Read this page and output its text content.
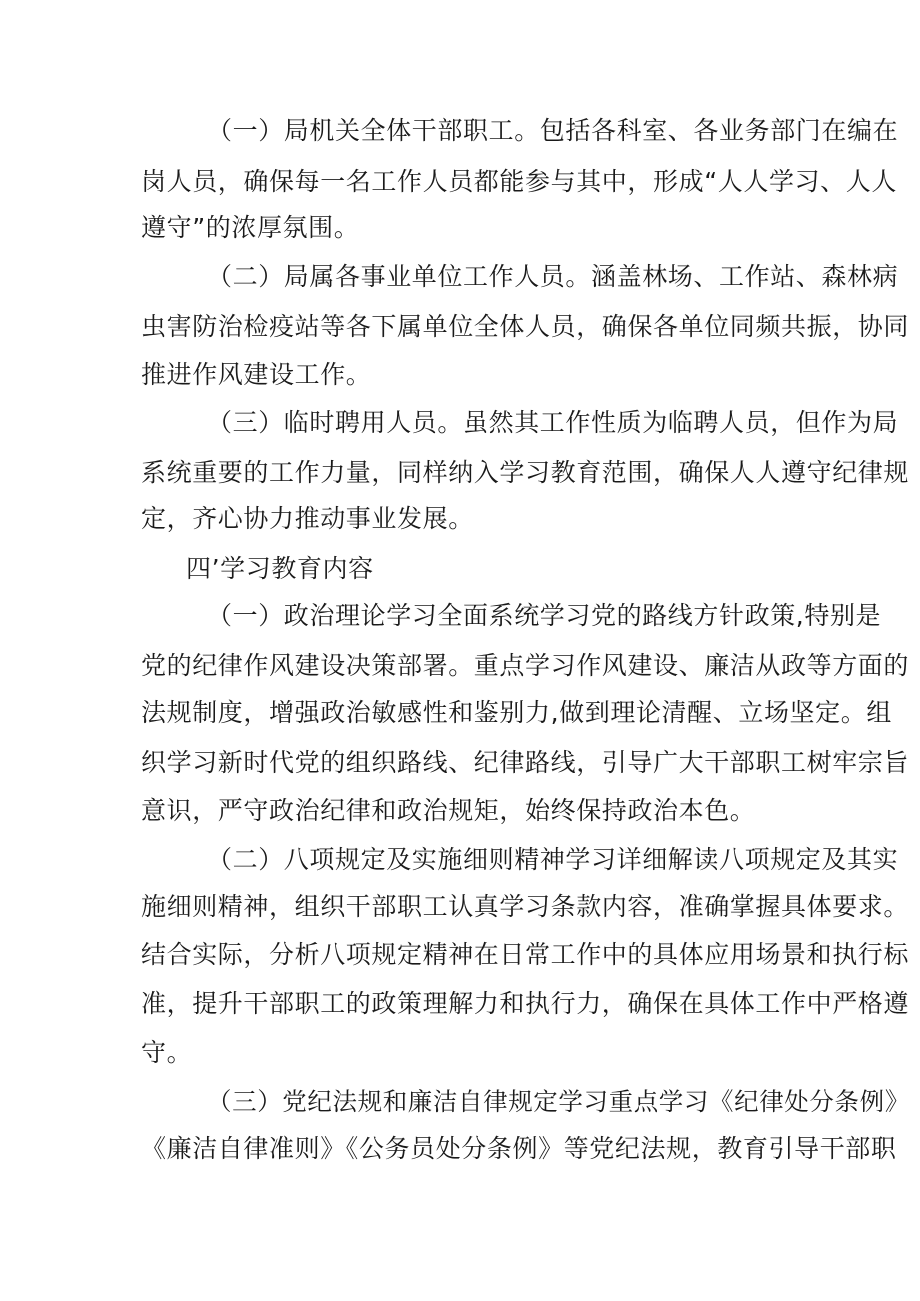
（一）局机关全体干部职工。包括各科室、各业务部门在编在

岗人员，确保每一名工作人员都能参与其中，形成“人人学习、人人

遵守”的浓厚氛围。

（二）局属各事业单位工作人员。涵盖林场、工作站、森林病

虫害防治检疫站等各下属单位全体人员，确保各单位同频共振，协同

推进作风建设工作。

（三）临时聘用人员。虽然其工作性质为临聘人员，但作为局

系统重要的工作力量，同样纳入学习教育范围，确保人人遵守纪律规

定，齐心协力推动事业发展。

四’学习教育内容

（一）政治理论学习全面系统学习党的路线方针政策,特别是

党的纪律作风建设决策部署。重点学习作风建设、廉洁从政等方面的

法规制度，增强政治敏感性和鉴别力,做到理论清醒、立场坚定。组

织学习新时代党的组织路线、纪律路线，引导广大干部职工树牢宗旨

意识，严守政治纪律和政治规矩，始终保持政治本色。

（二）八项规定及实施细则精神学习详细解读八项规定及其实

施细则精神，组织干部职工认真学习条款内容，准确掌握具体要求。

结合实际，分析八项规定精神在日常工作中的具体应用场景和执行标

准，提升干部职工的政策理解力和执行力，确保在具体工作中严格遵

守。

（三）党纪法规和廉洁自律规定学习重点学习《纪律处分条例》

《廉洁自律准则》《公务员处分条例》等党纪法规，教育引导干部职
